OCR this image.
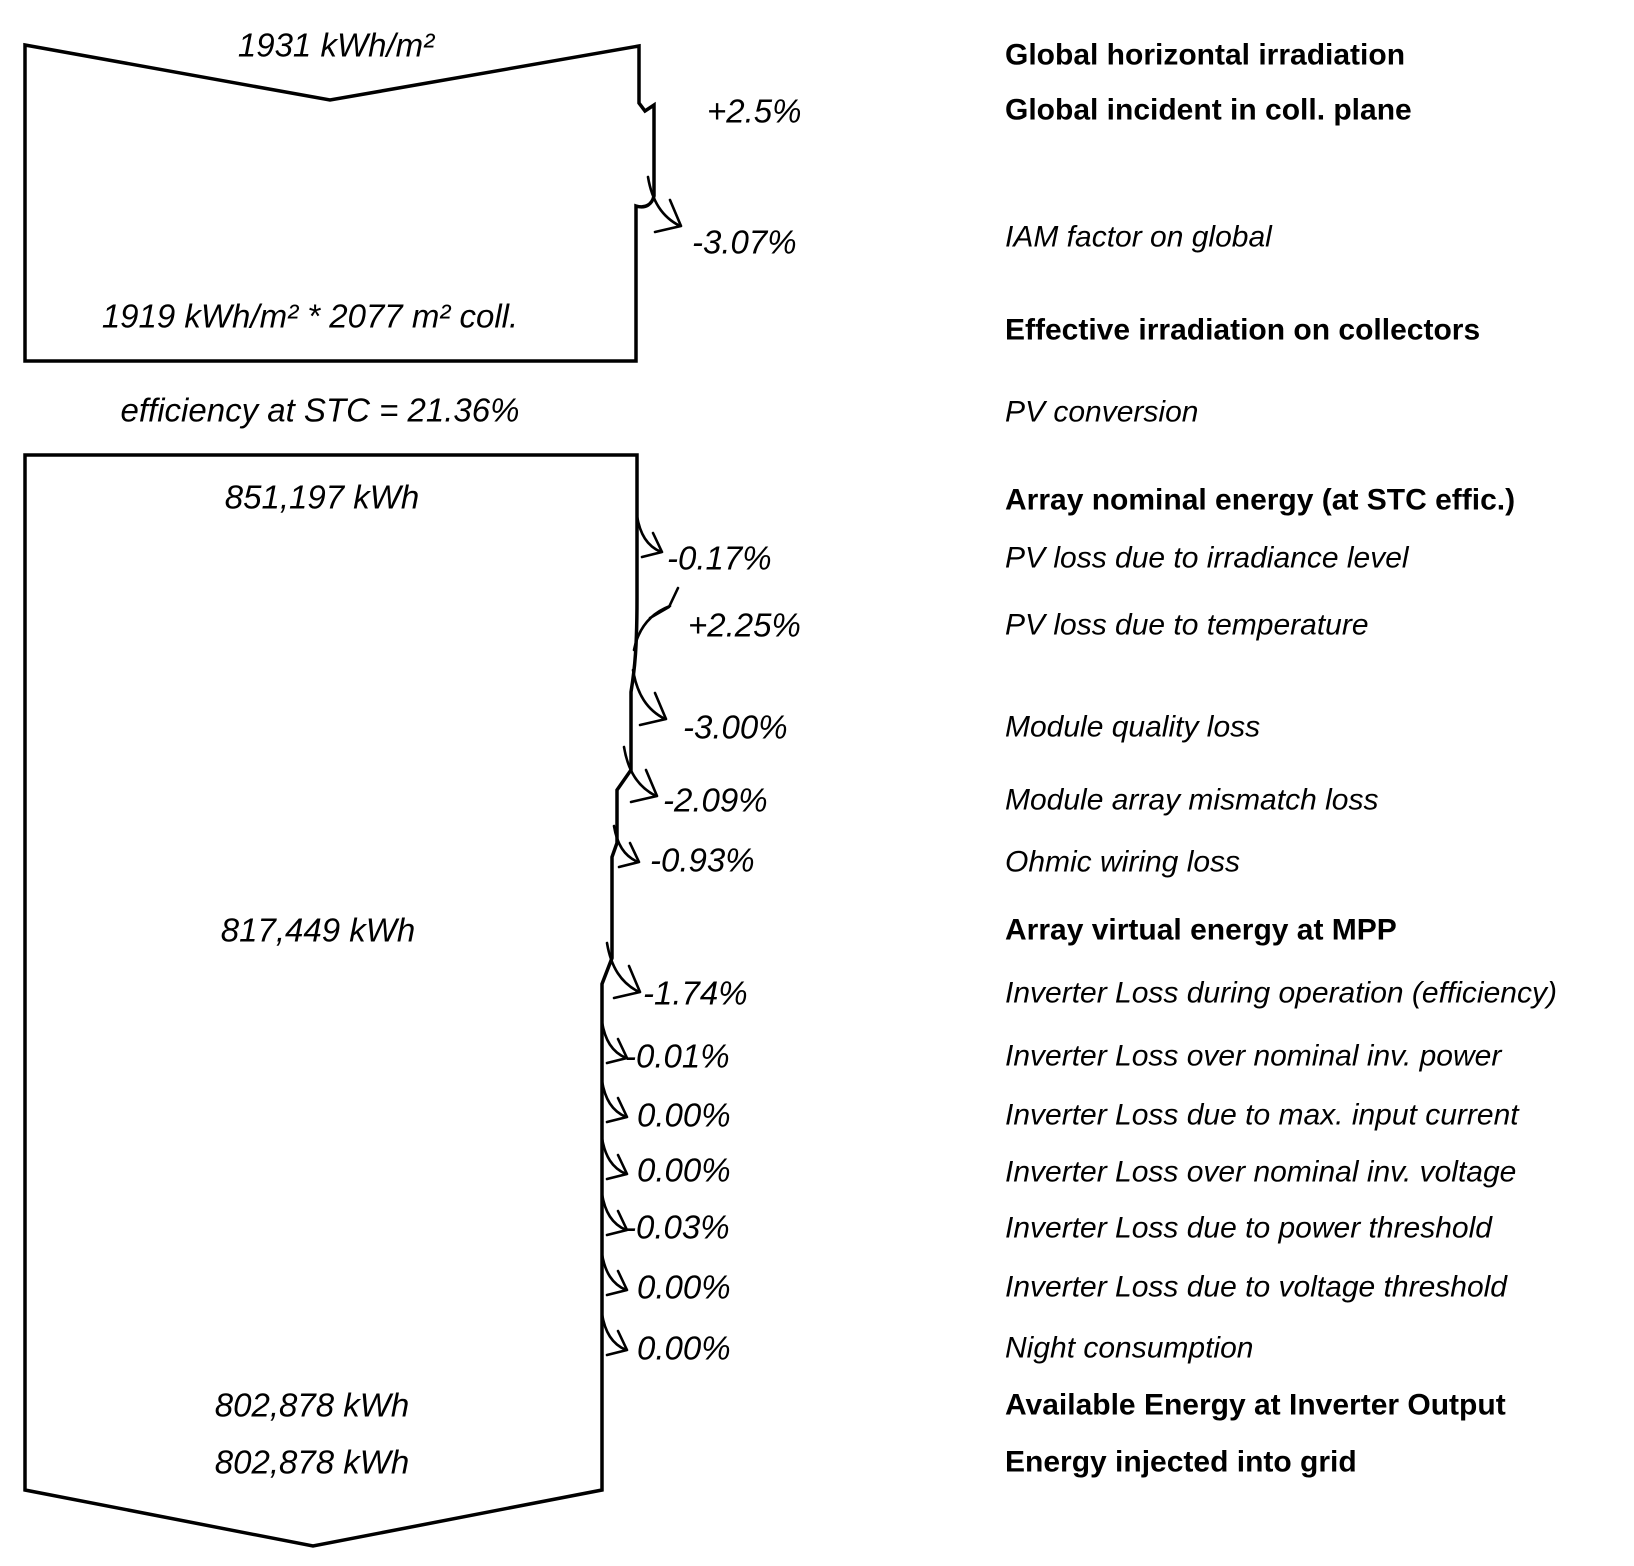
1931 kWh/m²
1919 kWh/m² * 2077 m² coll.
efficiency at STC = 21.36%
851,197 kWh
817,449 kWh
802,878 kWh
802,878 kWh
+2.5%
-3.07%
-0.17%
+2.25%
-3.00%
-2.09%
-0.93%
-1.74%
-0.01%
0.00%
0.00%
-0.03%
0.00%
0.00%
Global horizontal irradiation
Global incident in coll. plane
IAM factor on global
Effective irradiation on collectors
PV conversion
Array nominal energy (at STC effic.)
PV loss due to irradiance level
PV loss due to temperature
Module quality loss
Module array mismatch loss
Ohmic wiring loss
Array virtual energy at MPP
Inverter Loss during operation (efficiency)
Inverter Loss over nominal inv. power
Inverter Loss due to max. input current
Inverter Loss over nominal inv. voltage
Inverter Loss due to power threshold
Inverter Loss due to voltage threshold
Night consumption
Available Energy at Inverter Output
Energy injected into grid
